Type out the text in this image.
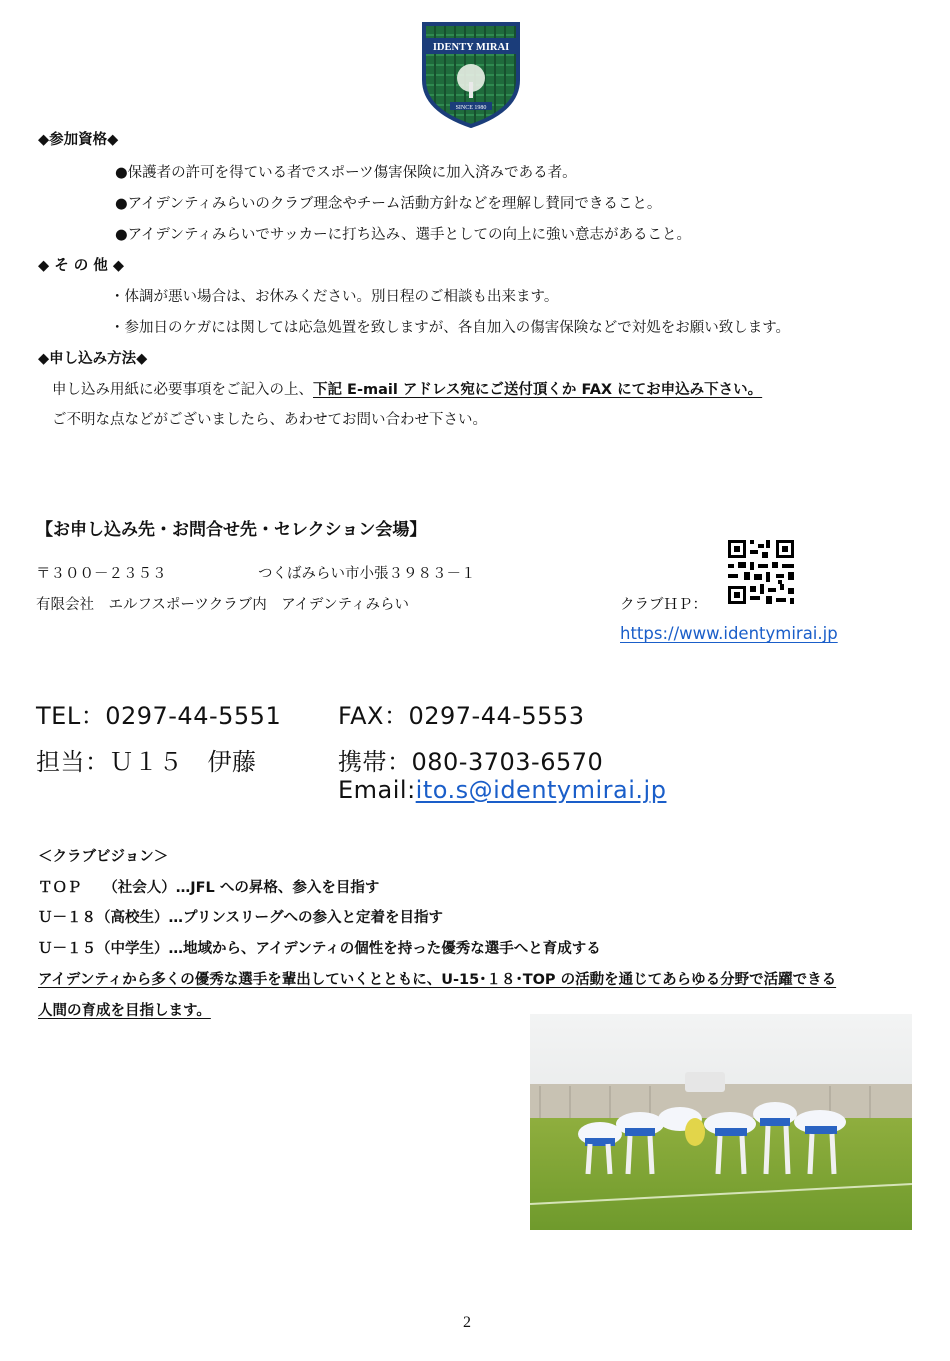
IDENTY MIRAI
SINCE 1980
◆参加資格◆
●保護者の許可を得ている者でスポーツ傷害保険に加入済みである者。
●アイデンティみらいのクラブ理念やチーム活動方針などを理解し賛同できること。
●アイデンティみらいでサッカーに打ち込み、選手としての向上に強い意志があること。
◆ そ の 他 ◆
・体調が悪い場合は、お休みください。別日程のご相談も出来ます。
・参加日のケガには関しては応急処置を致しますが、各自加入の傷害保険などで対処をお願い致します。
◆申し込み方法◆
申し込み用紙に必要事項をご記入の上、下記 E-mail アドレス宛にご送付頂くか FAX にてお申込み下さい。
ご不明な点などがございましたら、あわせてお問い合わせ下さい。
【お申し込み先・お問合せ先・セレクション会場】
〒３００－２３５３	つくばみらい市小張３９８３－１
有限会社　エルフスポーツクラブ内　アイデンティみらい	クラブＨＰ：
https://www.identymirai.jp
TEL：0297-44-5551 FAX：0297-44-5553
担当：Ｕ１５　伊藤	携帯：080-3703-6570
Email:ito.s@identymirai.jp
＜クラブビジョン＞
ＴＯＰ　　（社会人）…JFL への昇格、参入を目指す
Ｕ－１８（高校生）…プリンスリーグへの参入と定着を目指す
Ｕ－１５（中学生）…地域から、アイデンティの個性を持った優秀な選手へと育成する
アイデンティから多くの優秀な選手を輩出していくとともに、U-15･１８･TOP の活動を通じてあらゆる分野で活躍できる
人間の育成を目指します。
2
